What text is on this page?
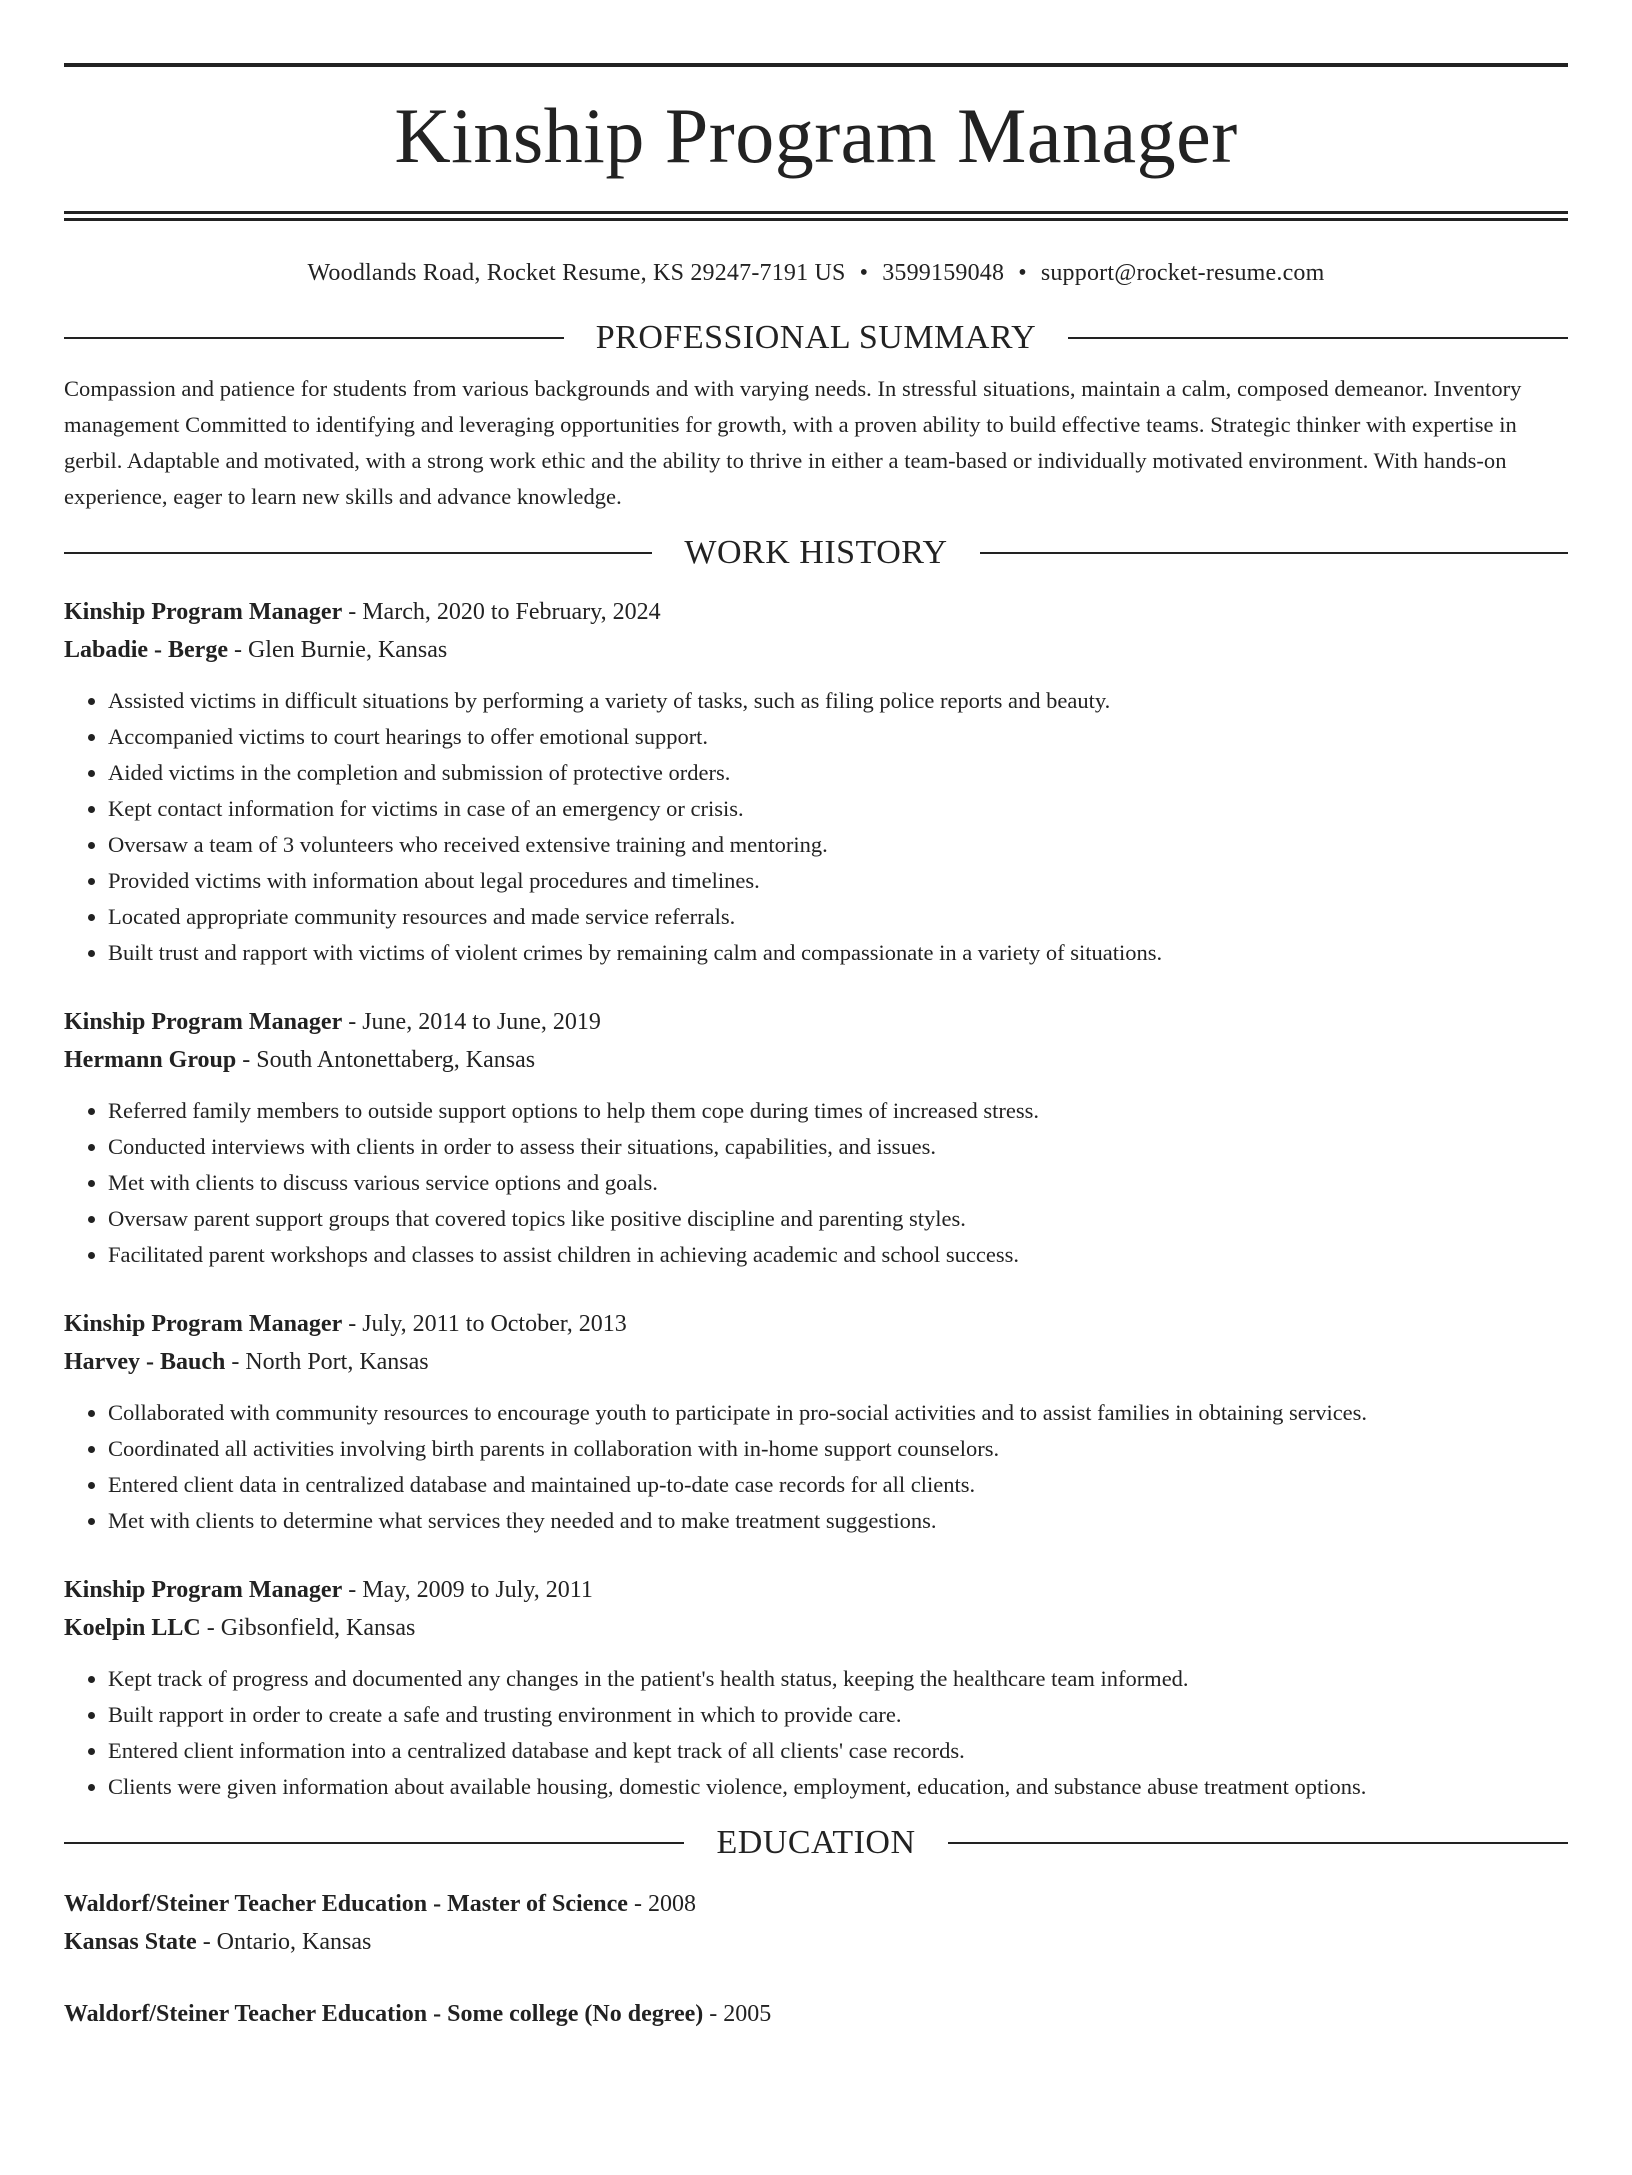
Kinship Program Manager
Woodlands Road, Rocket Resume, KS 29247-7191 US • 3599159048 • support@rocket-resume.com
PROFESSIONAL SUMMARY

Compassion and patience for students from various backgrounds and with varying needs. In stressful situations, maintain a calm, composed demeanor. Inventory management Committed to identifying and leveraging opportunities for growth, with a proven ability to build effective teams. Strategic thinker with expertise in gerbil. Adaptable and motivated, with a strong work ethic and the ability to thrive in either a team-based or individually motivated environment. With hands-on experience, eager to learn new skills and advance knowledge.

WORK HISTORY
Kinship Program Manager - March, 2020 to February, 2024
Labadie - Berge - Glen Burnie, Kansas
• Assisted victims in difficult situations by performing a variety of tasks, such as filing police reports and beauty.
• Accompanied victims to court hearings to offer emotional support.
• Aided victims in the completion and submission of protective orders.
• Kept contact information for victims in case of an emergency or crisis.
• Oversaw a team of 3 volunteers who received extensive training and mentoring.
• Provided victims with information about legal procedures and timelines.
• Located appropriate community resources and made service referrals.
• Built trust and rapport with victims of violent crimes by remaining calm and compassionate in a variety of situations.
Kinship Program Manager - June, 2014 to June, 2019
Hermann Group - South Antonettaberg, Kansas
• Referred family members to outside support options to help them cope during times of increased stress.
• Conducted interviews with clients in order to assess their situations, capabilities, and issues.
• Met with clients to discuss various service options and goals.
• Oversaw parent support groups that covered topics like positive discipline and parenting styles.
• Facilitated parent workshops and classes to assist children in achieving academic and school success.
Kinship Program Manager - July, 2011 to October, 2013
Harvey - Bauch - North Port, Kansas
• Collaborated with community resources to encourage youth to participate in pro-social activities and to assist families in obtaining services.
• Coordinated all activities involving birth parents in collaboration with in-home support counselors.
• Entered client data in centralized database and maintained up-to-date case records for all clients.
• Met with clients to determine what services they needed and to make treatment suggestions.
Kinship Program Manager - May, 2009 to July, 2011
Koelpin LLC - Gibsonfield, Kansas
• Kept track of progress and documented any changes in the patient's health status, keeping the healthcare team informed.
• Built rapport in order to create a safe and trusting environment in which to provide care.
• Entered client information into a centralized database and kept track of all clients' case records.
• Clients were given information about available housing, domestic violence, employment, education, and substance abuse treatment options.
EDUCATION
Waldorf/Steiner Teacher Education - Master of Science - 2008
Kansas State - Ontario, Kansas
Waldorf/Steiner Teacher Education - Some college (No degree) - 2005
